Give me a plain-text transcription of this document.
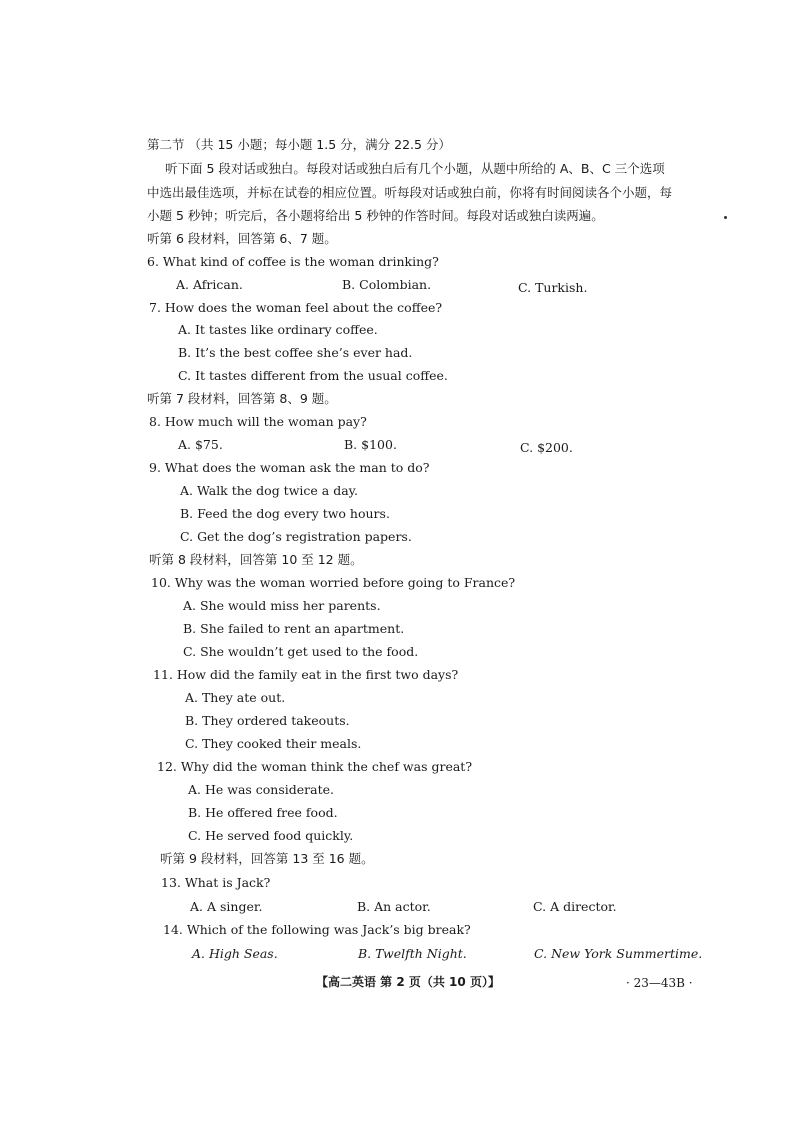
第二节 （共 15 小题；每小题 1.5 分，满分 22.5 分）
听下面 5 段对话或独白。每段对话或独白后有几个小题，从题中所给的 A、B、C 三个选项
中选出最佳选项，并标在试卷的相应位置。听每段对话或独白前，你将有时间阅读各个小题，每
小题 5 秒钟；听完后，各小题将给出 5 秒钟的作答时间。每段对话或独白读两遍。
听第 6 段材料，回答第 6、7 题。
6. What kind of coffee is the woman drinking?
A. African.	B. Colombian.	C. Turkish.
7. How does the woman feel about the coffee?
A. It tastes like ordinary coffee.
B. It’s the best coffee she’s ever had.
C. It tastes different from the usual coffee.
听第 7 段材料，回答第 8、9 题。
8. How much will the woman pay?
A. $75.	B. $100.	C. $200.
9. What does the woman ask the man to do?
A. Walk the dog twice a day.
B. Feed the dog every two hours.
C. Get the dog’s registration papers.
听第 8 段材料，回答第 10 至 12 题。
10. Why was the woman worried before going to France?
A. She would miss her parents.
B. She failed to rent an apartment.
C. She wouldn’t get used to the food.
11. How did the family eat in the first two days?
A. They ate out.
B. They ordered takeouts.
C. They cooked their meals.
12. Why did the woman think the chef was great?
A. He was considerate.
B. He offered free food.
C. He served food quickly.
听第 9 段材料，回答第 13 至 16 题。
13. What is Jack?
A. A singer.	B. An actor.	C. A director.
14. Which of the following was Jack’s big break?
A. High Seas.	B. Twelfth Night.	C. New York Summertime.
【高二英语 第 2 页（共 10 页）】	· 23—43B ·
